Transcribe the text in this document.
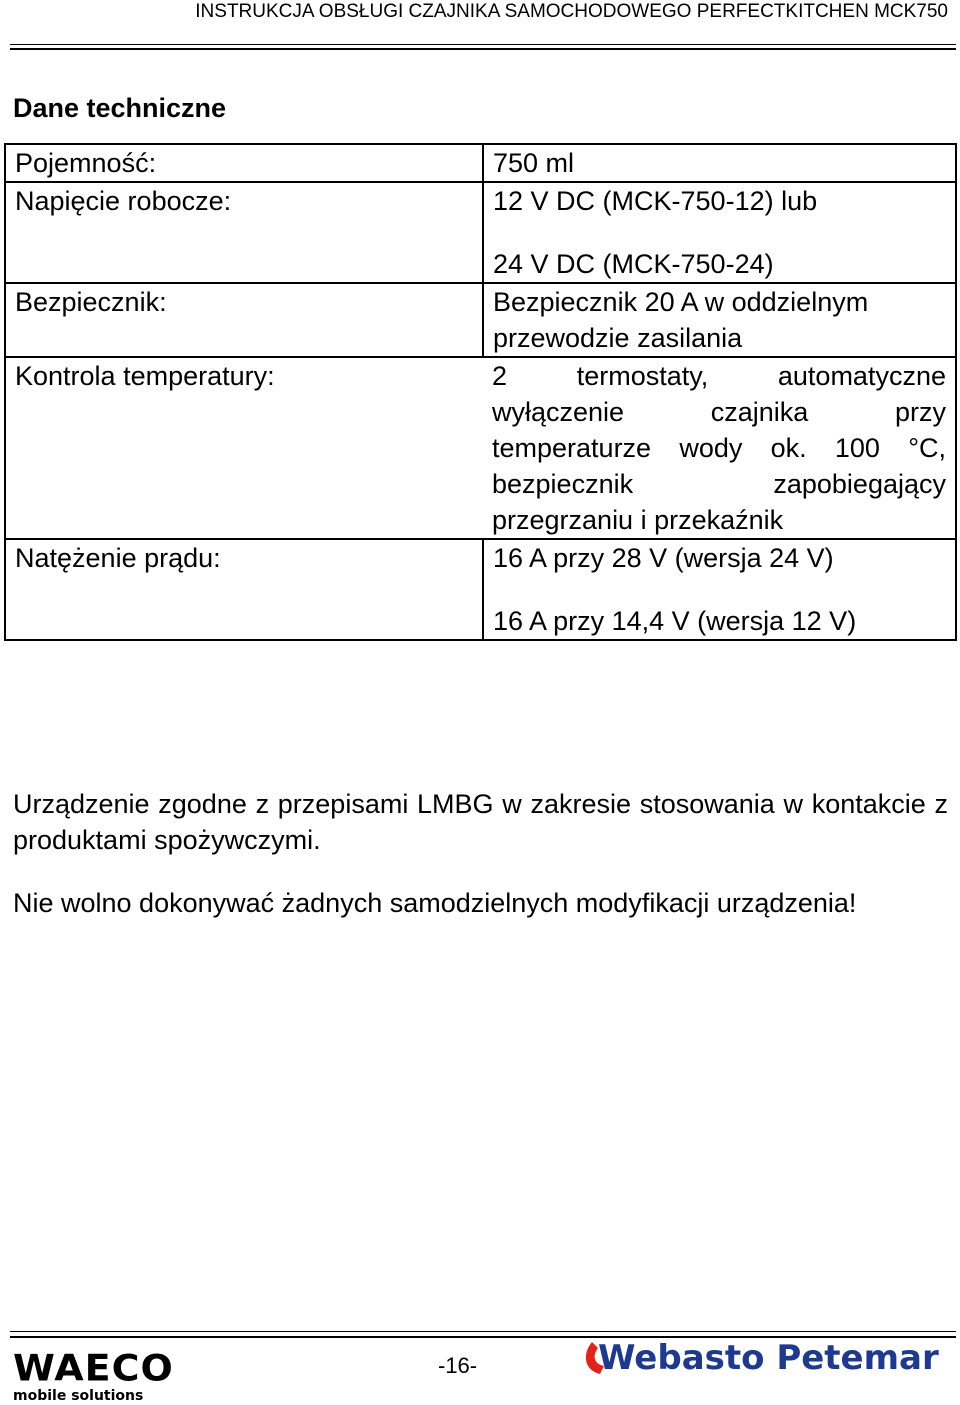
INSTRUKCJA OBSŁUGI CZAJNIKA SAMOCHODOWEGO PERFECTKITCHEN MCK750
Dane techniczne
Pojemność:	750 ml
Napięcie robocze:	12 V DC (MCK-750-12) lub
24 V DC (MCK-750-24)

Bezpiecznik:	Bezpiecznik 20 A w oddzielnym przewodzie zasilania
Kontrola temperatury:	2 termostaty, automatyczne wyłączenie czajnika przy temperaturze wody ok. 100 °C, bezpiecznik zapobiegający przegrzaniu i przekaźnik
Natężenie prądu:	16 A przy 28 V (wersja 24 V)
16 A przy 14,4 V (wersja 12 V)
Urządzenie zgodne z przepisami LMBG w zakresie stosowania w kontakcie z produktami spożywczymi.
Nie wolno dokonywać żadnych samodzielnych modyfikacji urządzenia!
WAECO
mobile solutions
-16-	Webasto Petemar
